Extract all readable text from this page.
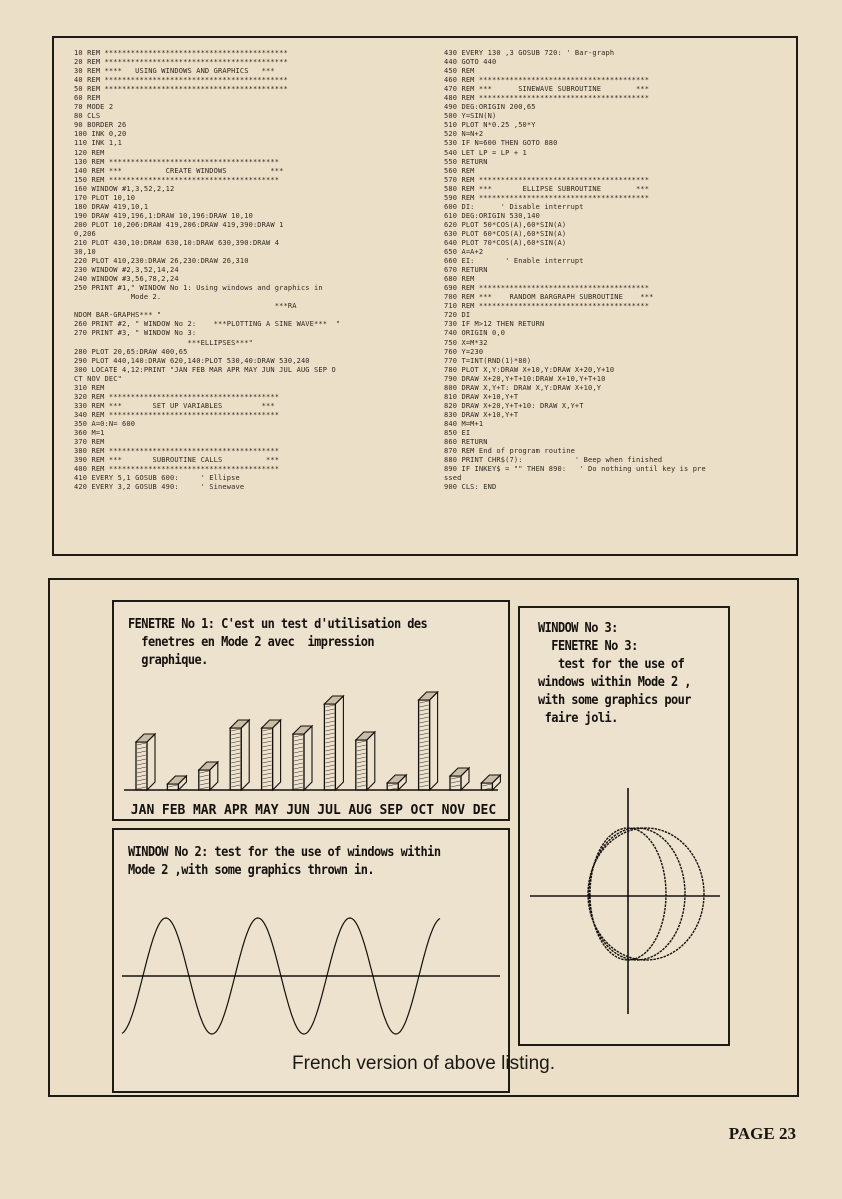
10 REM ******************************************
20 REM ******************************************
30 REM ****   USING WINDOWS AND GRAPHICS   ***
40 REM ******************************************
50 REM ******************************************
60 REM
70 MODE 2
80 CLS
90 BORDER 26
100 INK 0,20
110 INK 1,1
120 REM
130 REM ***************************************
140 REM ***          CREATE WINDOWS          ***
150 REM ***************************************
160 WINDOW #1,3,52,2,12
170 PLOT 10,10
180 DRAW 419,10,1
190 DRAW 419,196,1:DRAW 10,196:DRAW 10,10
200 PLOT 10,206:DRAW 419,206:DRAW 419,390:DRAW 1
0,206
210 PLOT 430,10:DRAW 630,10:DRAW 630,390:DRAW 4
30,10
220 PLOT 410,230:DRAW 26,230:DRAW 26,310
230 WINDOW #2,3,52,14,24
240 WINDOW #3,56,78,2,24
250 PRINT #1," WINDOW No 1: Using windows and graphics in
Mode 2.
***RA
NDOM BAR-GRAPHS*** "
260 PRINT #2, " WINDOW No 2:    ***PLOTTING A SINE WAVE***  "
270 PRINT #3, " WINDOW No 3:
***ELLIPSES***"
280 PLOT 20,65:DRAW 400,65
290 PLOT 440,140:DRAW 620,140:PLOT 530,40:DRAW 530,240
300 LOCATE 4,12:PRINT "JAN FEB MAR APR MAY JUN JUL AUG SEP O
CT NOV DEC"
310 REM
320 REM ***************************************
330 REM ***       SET UP VARIABLES         ***
340 REM ***************************************
350 A=0:N= 600
360 M=1
370 REM
380 REM ***************************************
390 REM ***       SUBROUTINE CALLS          ***
400 REM ***************************************
410 EVERY 5,1 GOSUB 600:     ' Ellipse
420 EVERY 3,2 GOSUB 490:     ' Sinewave
430 EVERY 130 ,3 GOSUB 720: ' Bar-graph
440 GOTO 440
450 REM
460 REM ***************************************
470 REM ***      SINEWAVE SUBROUTINE        ***
480 REM ***************************************
490 DEG:ORIGIN 200,65
500 Y=SIN(N)
510 PLOT N*0.25 ,50*Y
520 N=N+2
530 IF N=600 THEN GOTO 880
540 LET LP = LP + 1
550 RETURN
560 REM
570 REM ***************************************
580 REM ***       ELLIPSE SUBROUTINE        ***
590 REM ***************************************
600 DI:      ' Disable interrupt
610 DEG:ORIGIN 530,140
620 PLOT 50*COS(A),60*SIN(A)
630 PLOT 60*COS(A),60*SIN(A)
640 PLOT 70*COS(A),60*SIN(A)
650 A=A+2
660 EI:       ' Enable interrupt
670 RETURN
680 REM
690 REM ***************************************
700 REM ***    RANDOM BARGRAPH SUBROUTINE    ***
710 REM ***************************************
720 DI
730 IF M>12 THEN RETURN
740 ORIGIN 0,0
750 X=M*32
760 Y=230
770 T=INT(RND(1)*80)
780 PLOT X,Y:DRAW X+10,Y:DRAW X+20,Y+10
790 DRAW X+20,Y+T+10:DRAW X+10,Y+T+10
800 DRAW X,Y+T: DRAW X,Y:DRAW X+10,Y
810 DRAW X+10,Y+T
820 DRAW X+20,Y+T+10: DRAW X,Y+T
830 DRAW X+10,Y+T
840 M=M+1
850 EI
860 RETURN
870 REM End of program routine
880 PRINT CHR$(7):            ' Beep when finished
890 IF INKEY$ = "" THEN 890:   ' Do nothing until key is pre
ssed
900 CLS: END
FENETRE No 1: C'est un test d'utilisation des
fenetres en Mode 2 avec  impression
graphique.
JAN FEB MAR APR MAY JUN JUL AUG SEP OCT NOV DEC
WINDOW No 2: test for the use of windows within
Mode 2 ,with some graphics thrown in.
WINDOW No 3:
FENETRE No 3:
test for the use of
windows within Mode 2 ,
with some graphics pour
faire joli.
French version of above listing.
PAGE 23
